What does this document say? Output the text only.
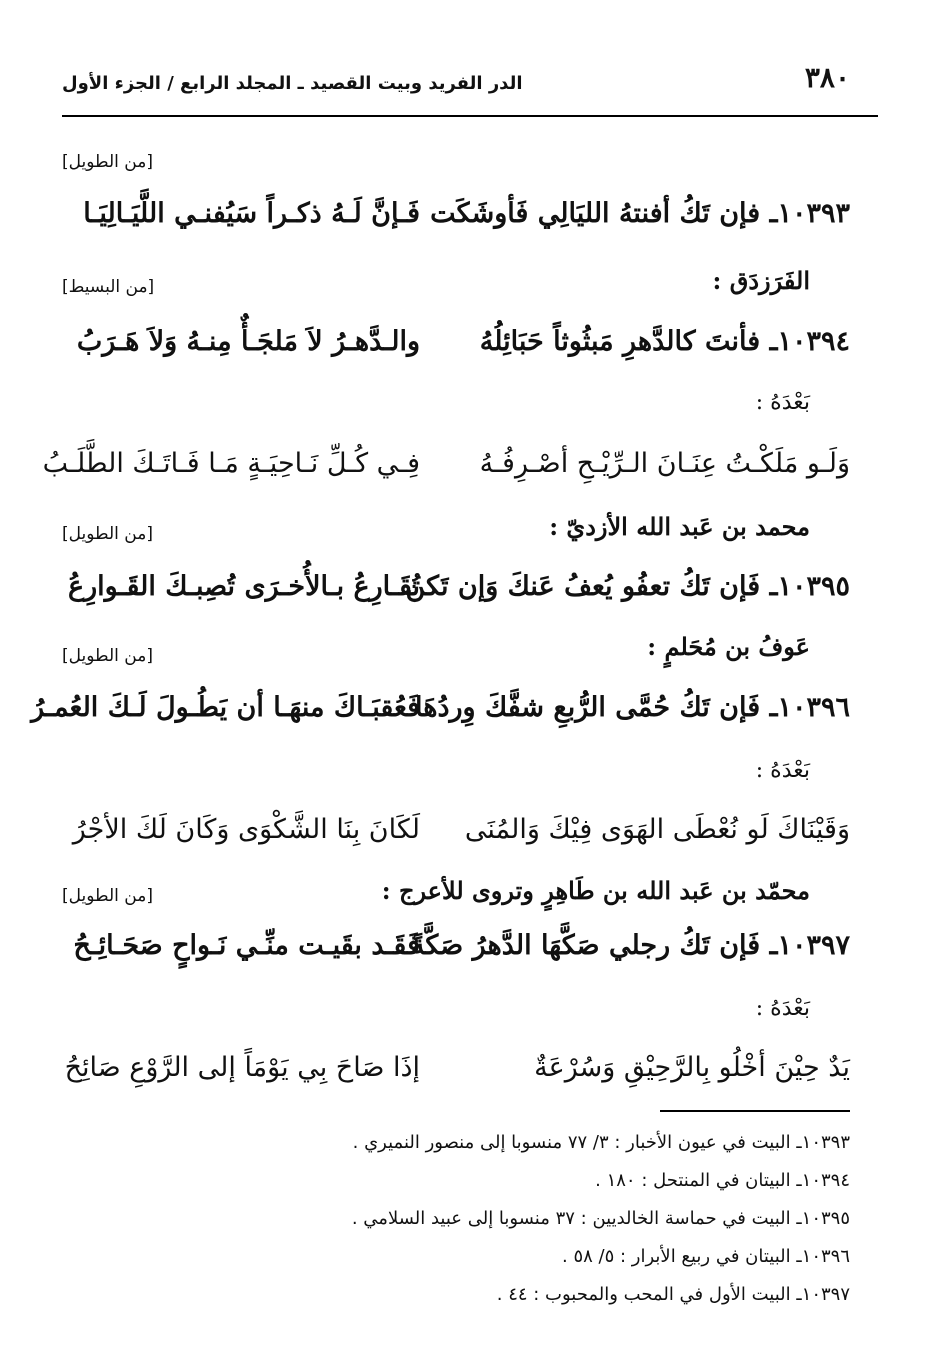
٣٨٠
الدر الفريد وبيت القصيد ـ المجلد الرابع / الجزء الأول
[من الطويل]
١٠٣٩٣ـ فإن تَكُ أفنتهُ الليَالِي فَأوشَكَت
فَـإنَّ لَـهُ ذكـراً سَيُفنـي اللَّيَـالِيَـا
الفَرَزدَق :
[من البسيط]
١٠٣٩٤ـ فأنتَ كالدَّهرِ مَبثُوثاً حَبَائِلُهُ
والـدَّهـرُ لاَ مَلجَـأٌ مِنـهُ وَلاَ هَـرَبُ
بَعْدَهُ :
وَلَـو مَلَكْـتُ عِنَـانَ الـرِّيْـحِ أصْـرِفُـهُ
فِـي كُـلِّ نَـاحِيَـةٍ مَـا فَـاتَـكَ الطَّلَـبُ
محمد بن عَبد الله الأزديّ :
[من الطويل]
١٠٣٩٥ـ فَإن تَكُ تعفُو يُعفُ عَنكَ وَإن تَكن
تُقَـارِعُ بـالأُخـرَى تُصِبـكَ القَـوارِعُ
عَوفُ بن مُحَلمٍ :
[من الطويل]
١٠٣٩٦ـ فَإن تَكُ حُمَّى الرُّبعِ شفَّكَ وِردُهَا
فَعُقبَـاكَ منهَـا أن يَطُـولَ لَـكَ العُمـرُ
بَعْدَهُ :
وَقَيْنَاكَ لَو نُعْطَى الهَوَى فِيْكَ وَالمُنَى
لَكَانَ بِنَا الشَّكْوَى وَكَانَ لَكَ الأجْرُ
محمّد بن عَبد الله بن طَاهِرٍ وتروى للأعرج :
[من الطويل]
١٠٣٩٧ـ فَإن تَكُ رجلي صَكَّهَا الدَّهرُ صَكَّةً
فَقَـد بقَيـت منِّـي نَـواحٍ صَحَـائِـحُ
بَعْدَهُ :
يَدٌ حِيْنَ أخْلُو بِالرَّحِيْقِ وَسُرْعَةٌ
إذَا صَاحَ بِي يَوْمَاً إلى الرَّوْعِ صَائِحُ
١٠٣٩٣ـ البيت في عيون الأخبار : ٣/ ٧٧ منسوبا إلى منصور النميري .
١٠٣٩٤ـ البيتان في المنتحل : ١٨٠ .
١٠٣٩٥ـ البيت في حماسة الخالديين : ٣٧ منسوبا إلى عبيد السلامي .
١٠٣٩٦ـ البيتان في ربيع الأبرار : ٥/ ٥٨ .
١٠٣٩٧ـ البيت الأول في المحب والمحبوب : ٤٤ .
